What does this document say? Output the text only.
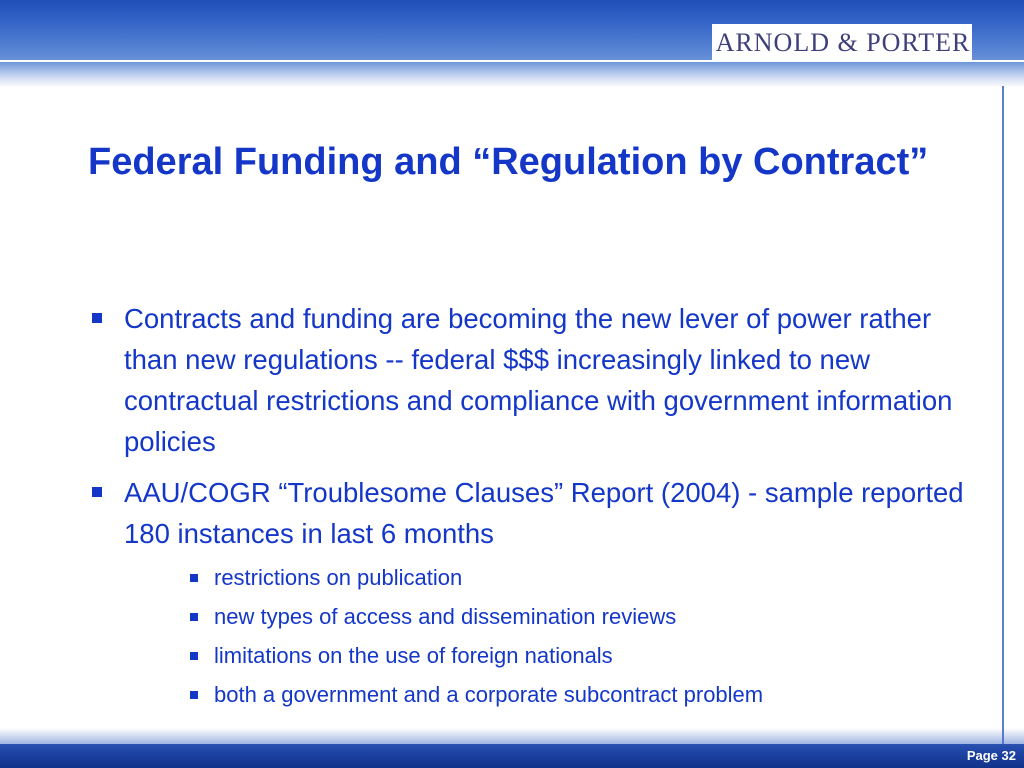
ARNOLD & PORTER
Federal Funding and “Regulation by Contract”
Contracts and funding are becoming the new lever of power rather than new regulations -- federal $$$ increasingly linked to new contractual restrictions and compliance with government information policies
AAU/COGR “Troublesome Clauses” Report (2004) - sample reported 180 instances in last 6 months
restrictions on publication
new types of access and dissemination reviews
limitations on the use of foreign nationals
both a government and a corporate subcontract problem
Page 32
